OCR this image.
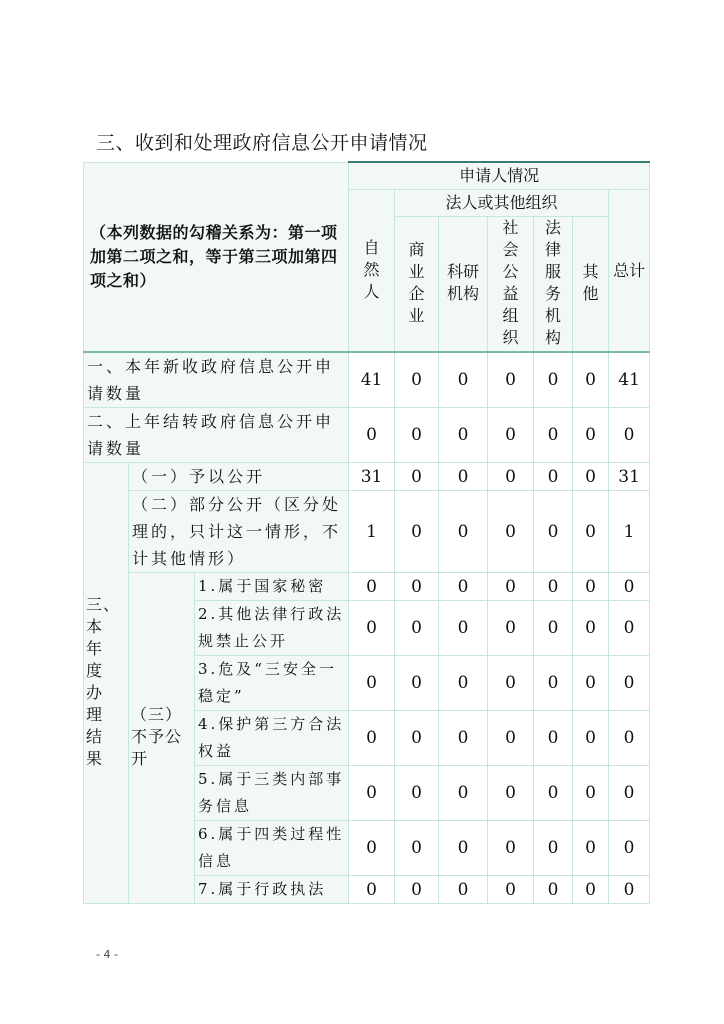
三、收到和处理政府信息公开申请情况
（本列数据的勾稽关系为：第一项加第二项之和，等于第三项加第四项之和）			申请人情况						
			自然人	法人或其他组织					总计
				商业企业	科研机构	社会公益组织	法律服务机构	其他	
一、本年新收政府信息公开申请数量			41	0	0	0	0	0	41
二、上年结转政府信息公开申请数量			0	0	0	0	0	0	0
三、本年度办理结果	（一）予以公开		31	0	0	0	0	0	31
	（二）部分公开（区分处理的，只计这一情形，不计其他情形）		1	0	0	0	0	0	1
	（三）不予公开	1.属于国家秘密	0	0	0	0	0	0	0
		2.其他法律行政法规禁止公开	0	0	0	0	0	0	0
		3.危及“三安全一稳定”	0	0	0	0	0	0	0
		4.保护第三方合法权益	0	0	0	0	0	0	0
		5.属于三类内部事务信息	0	0	0	0	0	0	0
		6.属于四类过程性信息	0	0	0	0	0	0	0
		7.属于行政执法	0	0	0	0	0	0	0
- 4 -
